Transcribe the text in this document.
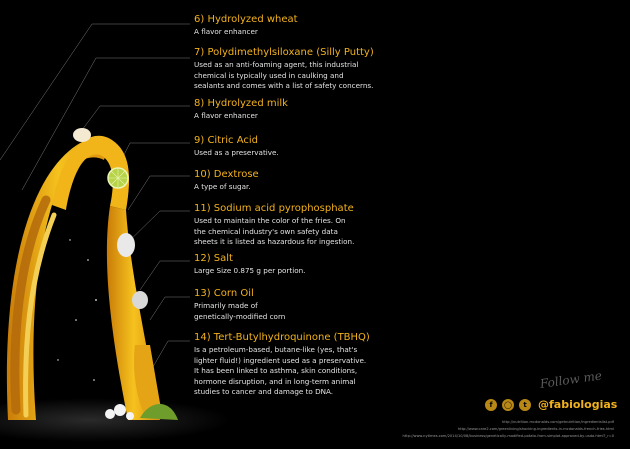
6) Hydrolyzed wheat
A flavor enhancer
7) Polydimethylsiloxane (Silly Putty)
Used as an anti-foaming agent, this industrial
chemical is typically used in caulking and
sealants and comes with a list of safety concerns.
8) Hydrolyzed milk
A flavor enhancer
9) Citric Acid
Used as a preservative.
10) Dextrose
A type of sugar.
11) Sodium acid pyrophosphate
Used to maintain the color of the fries. On
the chemical industry's own safety data
sheets it is listed as hazardous for ingestion.
12) Salt
Large Size 0.875 g per portion.
13) Corn Oil
Primarily made of
genetically-modified corn
14) Tert-Butylhydroquinone (TBHQ)
Is a petroleum-based, butane-like (yes, that's
lighter fluid!) ingredient used as a preservative.
It has been linked to asthma, skin conditions,
hormone disruption, and in long-term animal
studies to cancer and damage to DNA.
Follow me
f	◯	t	@fabiologias
http://nutrition.mcdonalds.com/getnutrition/ingredientslist.pdf
http://www.care2.com/greenliving/shocking-ingredients-in-mcdonalds-french-fries.html
http://www.nytimes.com/2014/10/08/business/genetically-modified-potato-from-simplot-approved-by-usda.html?_r=0
